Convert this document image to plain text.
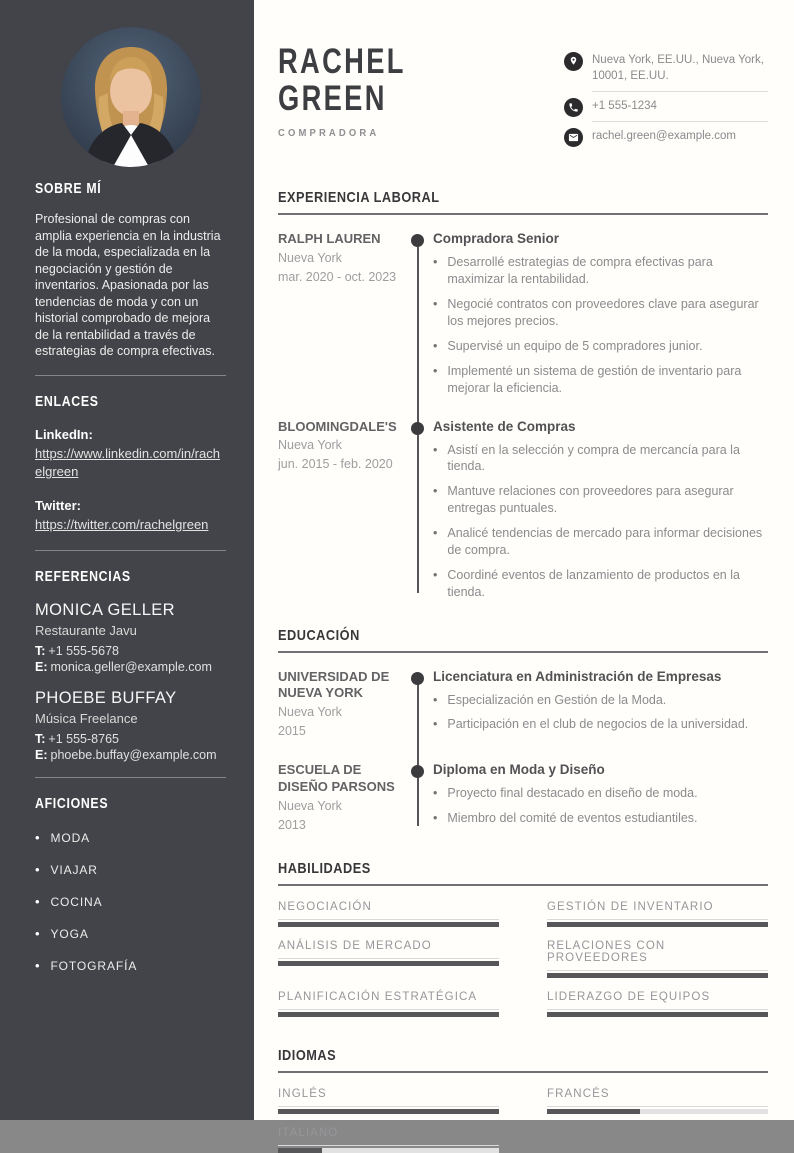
SOBRE MÍ

Profesional de compras con amplia experiencia en la industria de la moda, especializada en la negociación y gestión de inventarios. Apasionada por las tendencias de moda y con un historial comprobado de mejora de la rentabilidad a través de estrategias de compra efectivas.

ENLACES
LinkedIn:
https://www.linkedin.com/in/rachelgreen
Twitter:
https://twitter.com/rachelgreen
REFERENCIAS
MONICA GELLER
Restaurante Javu
T: +1 555-5678
E: monica.geller@example.com
PHOEBE BUFFAY
Música Freelance
T: +1 555-8765
E: phoebe.buffay@example.com
AFICIONES
• MODA
• VIAJAR
• COCINA
• YOGA
• FOTOGRAFÍA
RACHEL
GREEN
COMPRADORA
Nueva York, EE.UU., Nueva York, 10001, EE.UU.
+1 555-1234
rachel.green@example.com
EXPERIENCIA LABORAL
RALPH LAUREN
Nueva York
mar. 2020 - oct. 2023
Compradora Senior
• Desarrollé estrategias de compra efectivas para maximizar la rentabilidad.
• Negocié contratos con proveedores clave para asegurar los mejores precios.
• Supervisé un equipo de 5 compradores junior.
• Implementé un sistema de gestión de inventario para mejorar la eficiencia.
BLOOMINGDALE'S
Nueva York
jun. 2015 - feb. 2020
Asistente de Compras
• Asistí en la selección y compra de mercancía para la tienda.
• Mantuve relaciones con proveedores para asegurar entregas puntuales.
• Analicé tendencias de mercado para informar decisiones de compra.
• Coordiné eventos de lanzamiento de productos en la tienda.
EDUCACIÓN
UNIVERSIDAD DE NUEVA YORK
Nueva York
2015
Licenciatura en Administración de Empresas
• Especialización en Gestión de la Moda.
• Participación en el club de negocios de la universidad.
ESCUELA DE DISEÑO PARSONS
Nueva York
2013
Diploma en Moda y Diseño
• Proyecto final destacado en diseño de moda.
• Miembro del comité de eventos estudiantiles.
HABILIDADES
NEGOCIACIÓN	GESTIÓN DE INVENTARIO
ANÁLISIS DE MERCADO	RELACIONES CON PROVEEDORES
PLANIFICACIÓN ESTRATÉGICA	LIDERAZGO DE EQUIPOS
IDIOMAS
INGLÉS	FRANCÉS
ITALIANO
